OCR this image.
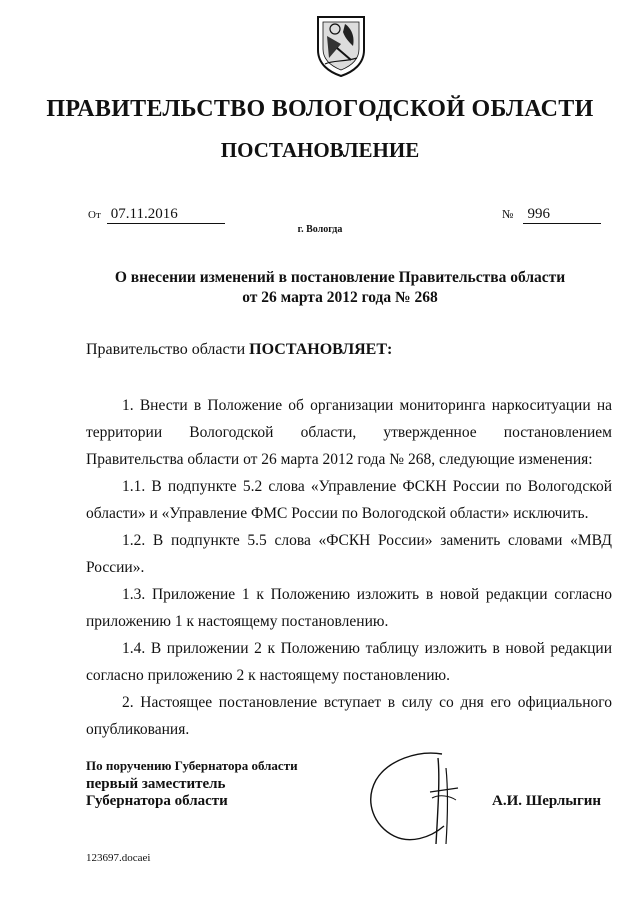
ПРАВИТЕЛЬСТВО ВОЛОГОДСКОЙ ОБЛАСТИ
ПОСТАНОВЛЕНИЕ
От 07.11.2016	№ 996
г. Вологда
О внесении изменений в постановление Правительства области
от 26 марта 2012 года № 268
Правительство области ПОСТАНОВЛЯЕТ:

1. Внести в Положение об организации мониторинга наркоситуации на территории Вологодской области, утвержденное постановлением Правительства области от 26 марта 2012 года № 268, следующие изменения:

1.1. В подпункте 5.2 слова «Управление ФСКН России по Вологодской области» и «Управление ФМС России по Вологодской области» исключить.

1.2. В подпункте 5.5 слова «ФСКН России» заменить словами «МВД России».

1.3. Приложение 1 к Положению изложить в новой редакции согласно приложению 1 к настоящему постановлению.

1.4. В приложении 2 к Положению таблицу изложить в новой редакции согласно приложению 2 к настоящему постановлению.

2. Настоящее постановление вступает в силу со дня его официального опубликования.

По поручению Губернатора области
первый заместитель
Губернатора области	А.И. Шерлыгин
123697.docaei
